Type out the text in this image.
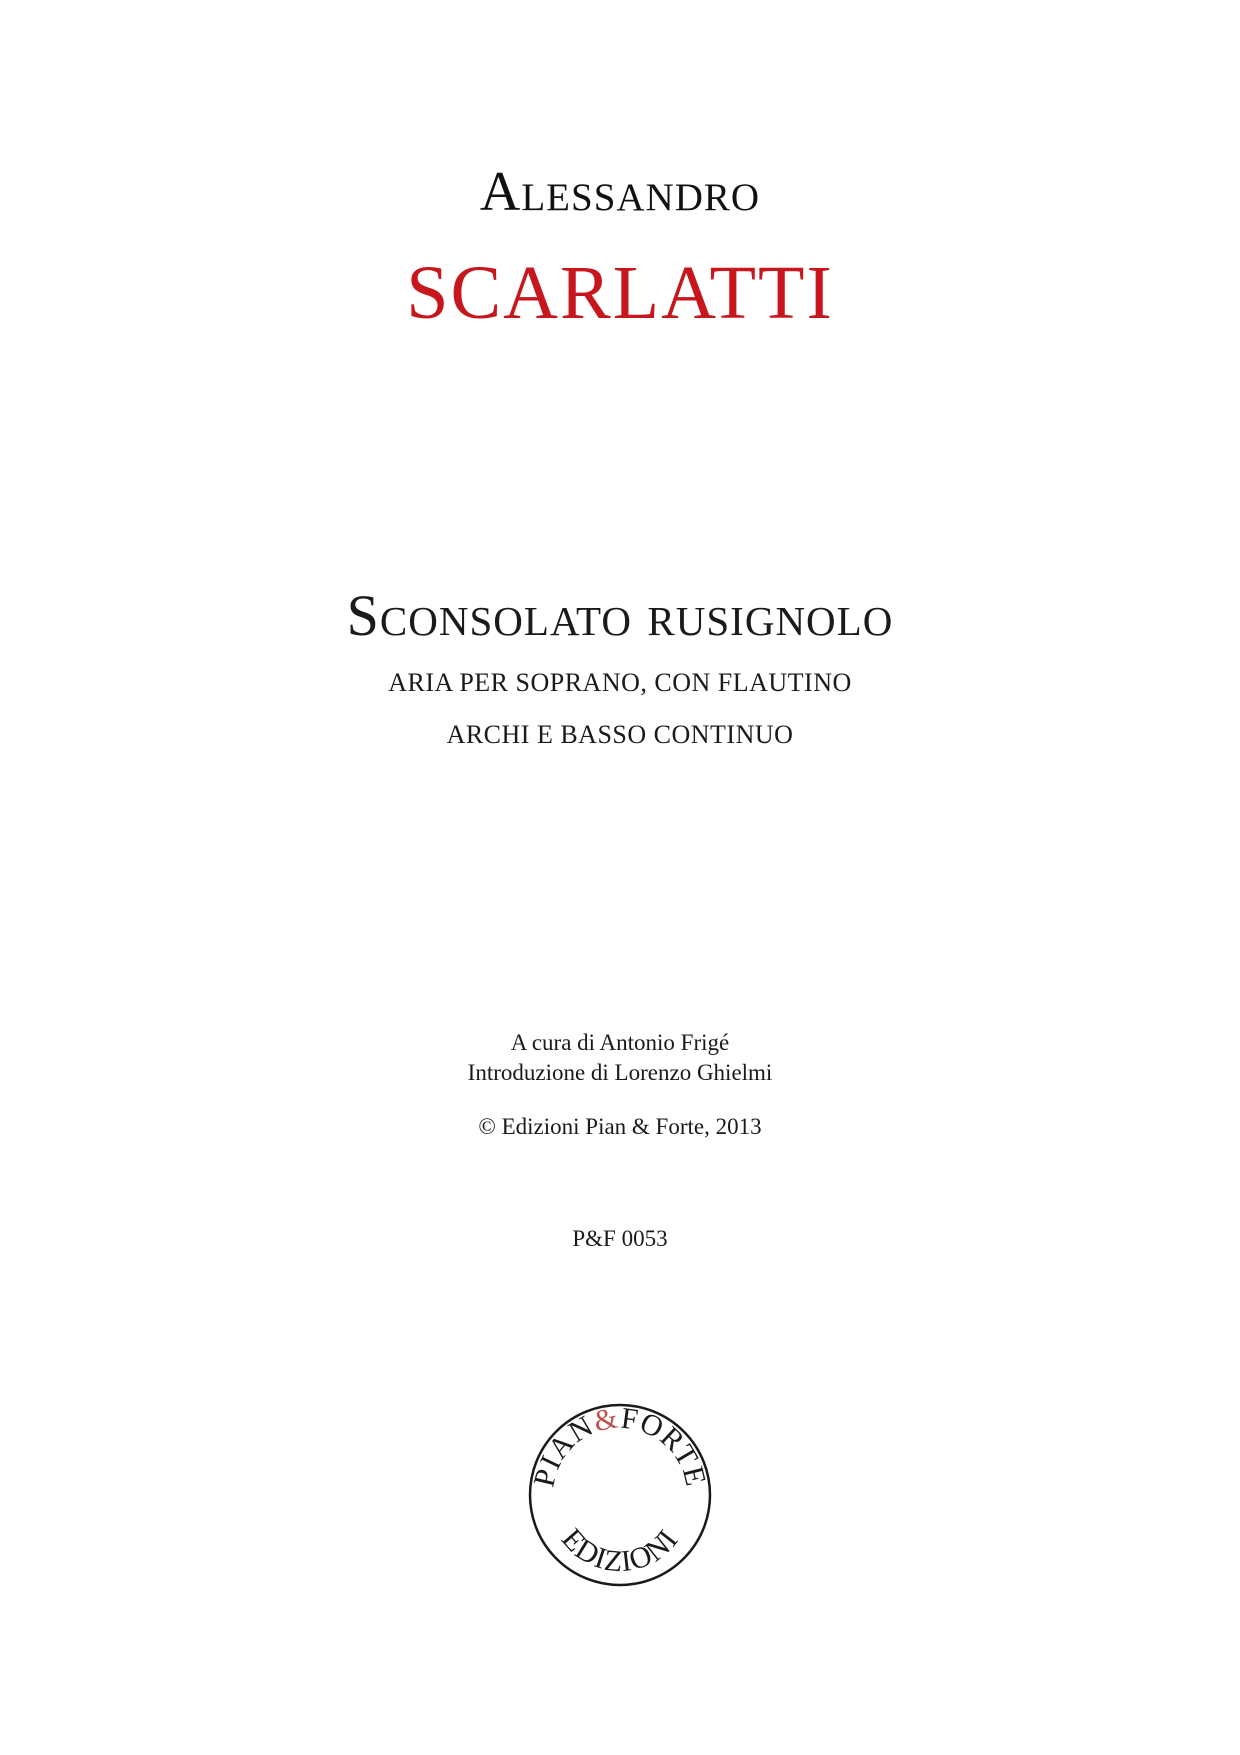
Alessandro
SCARLATTI
Sconsolato rusignolo
ARIA PER SOPRANO, CON FLAUTINO
ARCHI E BASSO CONTINUO
A cura di Antonio Frigé
Introduzione di Lorenzo Ghielmi
© Edizioni Pian & Forte, 2013
P&F 0053
PIAN&FORTE
EDIZIONI
